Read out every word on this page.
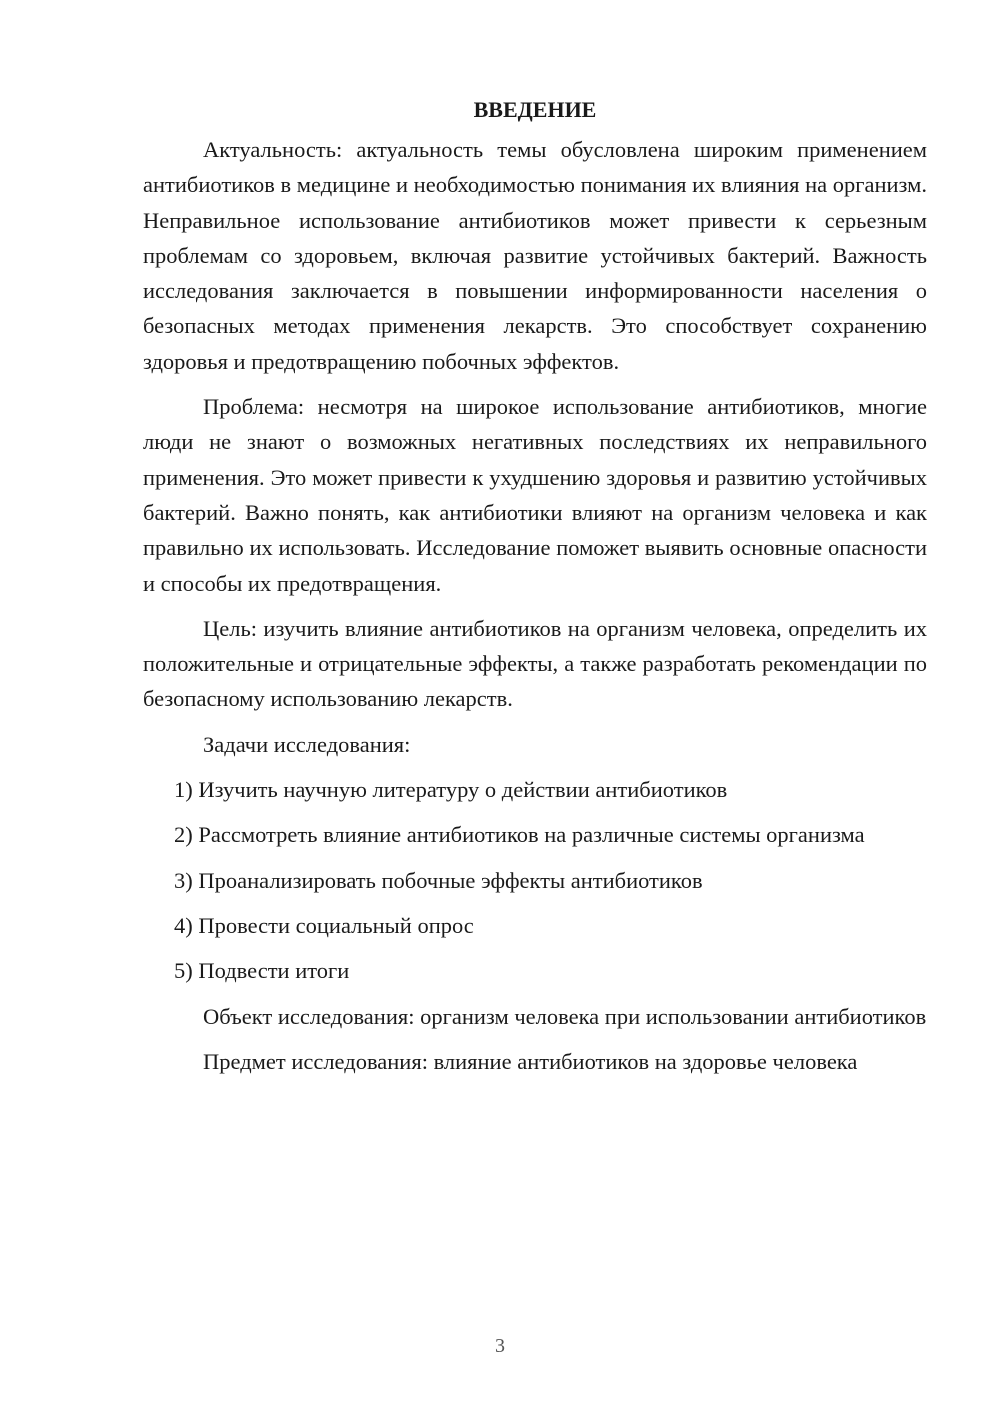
ВВЕДЕНИЕ

Актуальность: актуальность темы обусловлена широким применением антибиотиков в медицине и необходимостью понимания их влияния на организм. Неправильное использование антибиотиков может привести к серьезным проблемам со здоровьем, включая развитие устойчивых бактерий. Важность исследования заключается в повышении информированности населения о безопасных методах применения лекарств. Это способствует сохранению здоровья и предотвращению побочных эффектов.

Проблема: несмотря на широкое использование антибиотиков, многие люди не знают о возможных негативных последствиях их неправильного применения. Это может привести к ухудшению здоровья и развитию устойчивых бактерий. Важно понять, как антибиотики влияют на организм человека и как правильно их использовать. Исследование поможет выявить основные опасности и способы их предотвращения.

Цель: изучить влияние антибиотиков на организм человека, определить их положительные и отрицательные эффекты, а также разработать рекомендации по безопасному использованию лекарств.

Задачи исследования:

1) Изучить научную литературу о действии антибиотиков

2) Рассмотреть влияние антибиотиков на различные системы организма

3) Проанализировать побочные эффекты антибиотиков

4) Провести социальный опрос

5) Подвести итоги

Объект исследования: организм человека при использовании антибиотиков

Предмет исследования: влияние антибиотиков на здоровье человека

3
